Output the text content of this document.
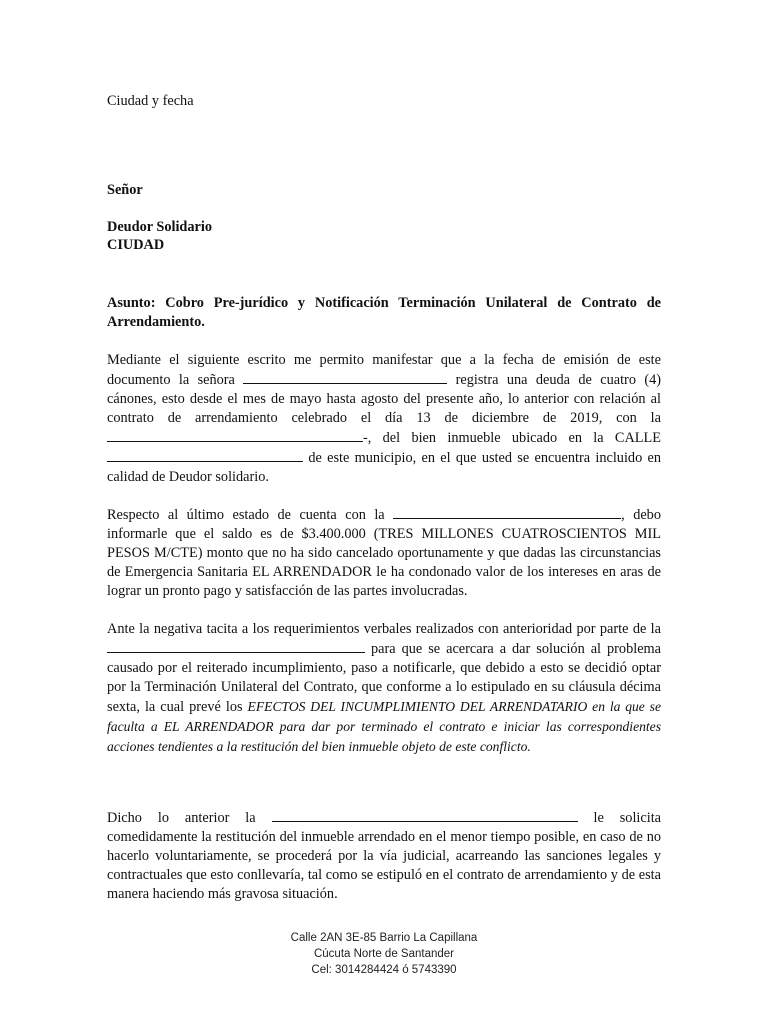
Ciudad y fecha
Señor
Deudor Solidario
CIUDAD
Asunto: Cobro Pre-jurídico y Notificación Terminación Unilateral de Contrato de Arrendamiento.
Mediante el siguiente escrito me permito manifestar que a la fecha de emisión de este documento la señora	registra una deuda de cuatro (4) cánones, esto desde el mes de mayo hasta agosto del presente año, lo anterior con relación al contrato de arrendamiento celebrado el día 13 de diciembre de 2019, con la -, del bien inmueble ubicado en la CALLE  de este municipio, en el que usted se encuentra incluido en calidad de Deudor solidario.
Respecto al último estado de cuenta con la	, debo informarle que el saldo es de $3.400.000 (TRES MILLONES CUATROSCIENTOS MIL PESOS M/CTE) monto que no ha sido cancelado oportunamente y que dadas las circunstancias de Emergencia Sanitaria EL ARRENDADOR le ha condonado valor de los intereses en aras de lograr un pronto pago y satisfacción de las partes involucradas.
Ante la negativa tacita a los requerimientos verbales realizados con anterioridad por parte de la  para que se acercara a dar solución al problema causado por el reiterado incumplimiento, paso a notificarle, que debido a esto se decidió optar por la Terminación Unilateral del Contrato, que conforme a lo estipulado en su cláusula décima sexta, la cual prevé los EFECTOS DEL INCUMPLIMIENTO DEL ARRENDATARIO en la que se faculta a EL ARRENDADOR para dar por terminado el contrato e iniciar las correspondientes acciones tendientes a la restitución del bien inmueble objeto de este conflicto.
Dicho lo anterior la	le solicita comedidamente la restitución del inmueble arrendado en el menor tiempo posible, en caso de no hacerlo voluntariamente, se procederá por la vía judicial, acarreando las sanciones legales y contractuales que esto conllevaría, tal como se estipuló en el contrato de arrendamiento y de esta manera haciendo más gravosa situación.
Calle 2AN 3E-85 Barrio La Capillana
Cúcuta Norte de Santander
Cel: 3014284424 ó 5743390
